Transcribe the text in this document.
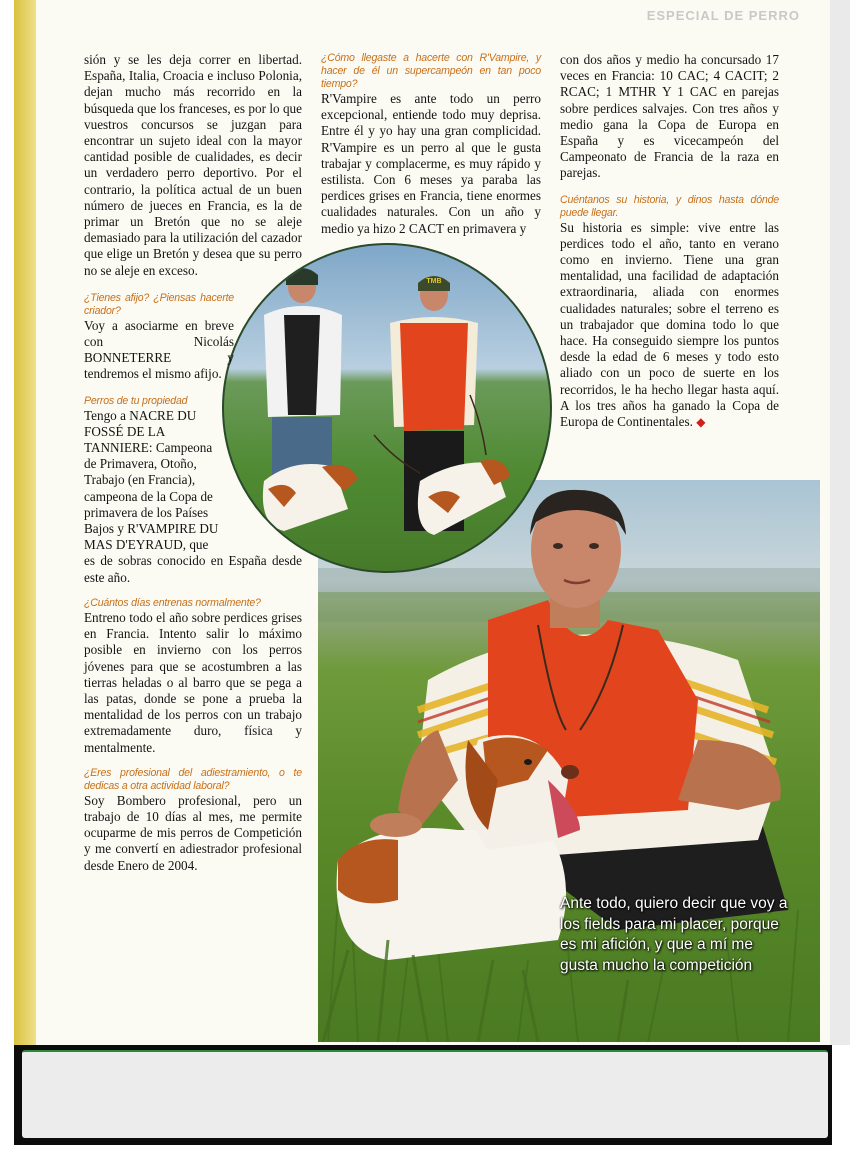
ESPECIAL DE PERRO
TMB

sión y se les deja correr en libertad. España, Italia, Croacia e incluso Polonia, dejan mucho más recorrido en la búsqueda que los franceses, es por lo que vuestros concursos se juzgan para encontrar un sujeto ideal con la mayor cantidad posible de cualidades, es decir un verdadero perro deportivo. Por el contrario, la política actual de un buen número de jueces en Francia, es la de primar un Bretón que no se aleje demasiado para la utilización del cazador que elige un Bretón y desea que su perro no se aleje en exceso.

¿Tienes afijo? ¿Piensas hacerte criador?

Voy a asociarme en breve con Nicolás BONNETERRE y tendremos el mismo afijo.

Perros de tu propiedad

Tengo a NACRE DU FOSSÉ DE LA TANNIERE: Campeona de Primavera, Otoño, Trabajo (en Francia), campeona de la Copa de primavera de los Países Bajos y R'VAMPIRE DU MAS D'EYRAUD, que

es de sobras conocido en España desde este año.

¿Cuántos días entrenas normalmente?

Entreno todo el año sobre perdices grises en Francia. Intento salir lo máximo posible en invierno con los perros jóvenes para que se acostumbren a las tierras heladas o al barro que se pega a las patas, donde se pone a prueba la mentalidad de los perros con un trabajo extremadamente duro, física y mentalmente.

¿Eres profesional del adiestramiento, o te dedicas a otra actividad laboral?

Soy Bombero profesional, pero un trabajo de 10 días al mes, me permite ocuparme de mis perros de Competición y me convertí en adiestrador profesional desde Enero de 2004.

¿Cómo llegaste a hacerte con R'Vampire, y hacer de él un supercampeón en tan poco tiempo?

R'Vampire es ante todo un perro excepcional, entiende todo muy deprisa. Entre él y yo hay una gran complicidad. R'Vampire es un perro al que le gusta trabajar y complacerme, es muy rápido y estilista. Con 6 meses ya paraba las perdices grises en Francia, tiene enormes cualidades naturales. Con un año y medio ya hizo 2 CACT en primavera y

con dos años y medio ha concursado 17 veces en Francia: 10 CAC; 4 CACIT; 2 RCAC; 1 MTHR Y 1 CAC en parejas sobre perdices salvajes. Con tres años y medio gana la Copa de Europa en España y es vicecampeón del Campeonato de Francia de la raza en parejas.

Cuéntanos su historia, y dinos hasta dónde puede llegar.

Su historia es simple: vive entre las perdices todo el año, tanto en verano como en invierno. Tiene una gran mentalidad, una facilidad de adaptación extraordinaria, aliada con enormes cualidades naturales; sobre el terreno es un trabajador que domina todo lo que hace. Ha conseguido siempre los puntos desde la edad de 6 meses y todo esto aliado con un poco de suerte en los recorridos, le ha hecho llegar hasta aquí. A los tres años ha ganado la Copa de Europa de Continentales. ◆

Ante todo, quiero decir que voy a los fields para mi placer, porque es mi afición, y que a mí me gusta mucho la competición
